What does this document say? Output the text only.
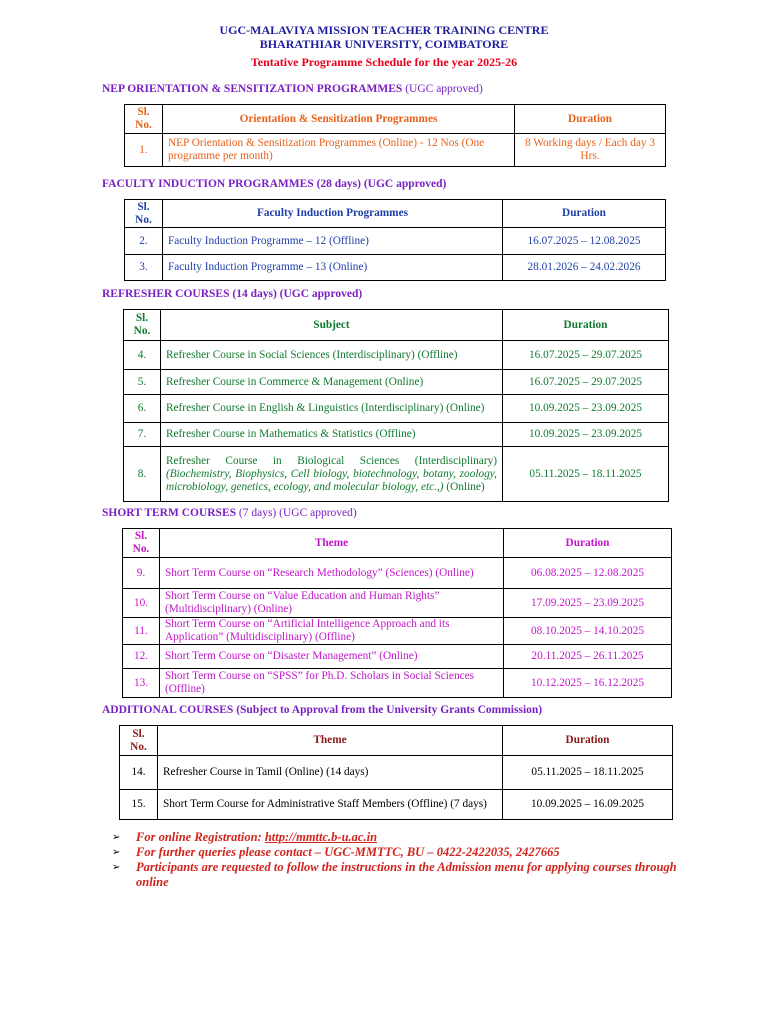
UGC-MALAVIYA MISSION TEACHER TRAINING CENTRE
BHARATHIAR UNIVERSITY, COIMBATORE
Tentative Programme Schedule for the year 2025-26
NEP ORIENTATION & SENSITIZATION PROGRAMMES (UGC approved)
Sl. No.	Orientation & Sensitization Programmes	Duration
1.	NEP Orientation & Sensitization Programmes (Online) - 12 Nos (One programme per month)	8 Working days / Each day 3 Hrs.
FACULTY INDUCTION PROGRAMMES (28 days) (UGC approved)
Sl. No.	Faculty Induction Programmes	Duration
2.	Faculty Induction Programme – 12 (Offline)	16.07.2025 – 12.08.2025
3.	Faculty Induction Programme – 13 (Online)	28.01.2026 – 24.02.2026
REFRESHER COURSES (14 days) (UGC approved)
Sl. No.	Subject	Duration
4.	Refresher Course in Social Sciences (Interdisciplinary) (Offline)	16.07.2025 – 29.07.2025
5.	Refresher Course in Commerce & Management (Online)	16.07.2025 – 29.07.2025
6.	Refresher Course in English & Linguistics (Interdisciplinary) (Online)	10.09.2025 – 23.09.2025
7.	Refresher Course in Mathematics & Statistics (Offline)	10.09.2025 – 23.09.2025
8.	Refresher Course in Biological Sciences (Interdisciplinary) (Biochemistry, Biophysics, Cell biology, biotechnology, botany, zoology, microbiology, genetics, ecology, and molecular biology, etc.,) (Online)	05.11.2025 – 18.11.2025
SHORT TERM COURSES (7 days) (UGC approved)
Sl. No.	Theme	Duration
9.	Short Term Course on “Research Methodology” (Sciences) (Online)	06.08.2025 – 12.08.2025
10.	Short Term Course on “Value Education and Human Rights” (Multidisciplinary) (Online)	17.09.2025 – 23.09.2025
11.	Short Term Course on “Artificial Intelligence Approach and its Application” (Multidisciplinary) (Offline)	08.10.2025 – 14.10.2025
12.	Short Term Course on “Disaster Management” (Online)	20.11.2025 – 26.11.2025
13.	Short Term Course on “SPSS” for Ph.D. Scholars in Social Sciences (Offline)	10.12.2025 – 16.12.2025
ADDITIONAL COURSES (Subject to Approval from the University Grants Commission)
Sl. No.	Theme	Duration
14.	Refresher Course in Tamil (Online) (14 days)	05.11.2025 – 18.11.2025
15.	Short Term Course for Administrative Staff Members (Offline) (7 days)	10.09.2025 – 16.09.2025
➢	For online Registration: http://mmttc.b-u.ac.in
➢	For further queries please contact – UGC-MMTTC, BU – 0422-2422035, 2427665
➢	Participants are requested to follow the instructions in the Admission menu for applying courses through online
